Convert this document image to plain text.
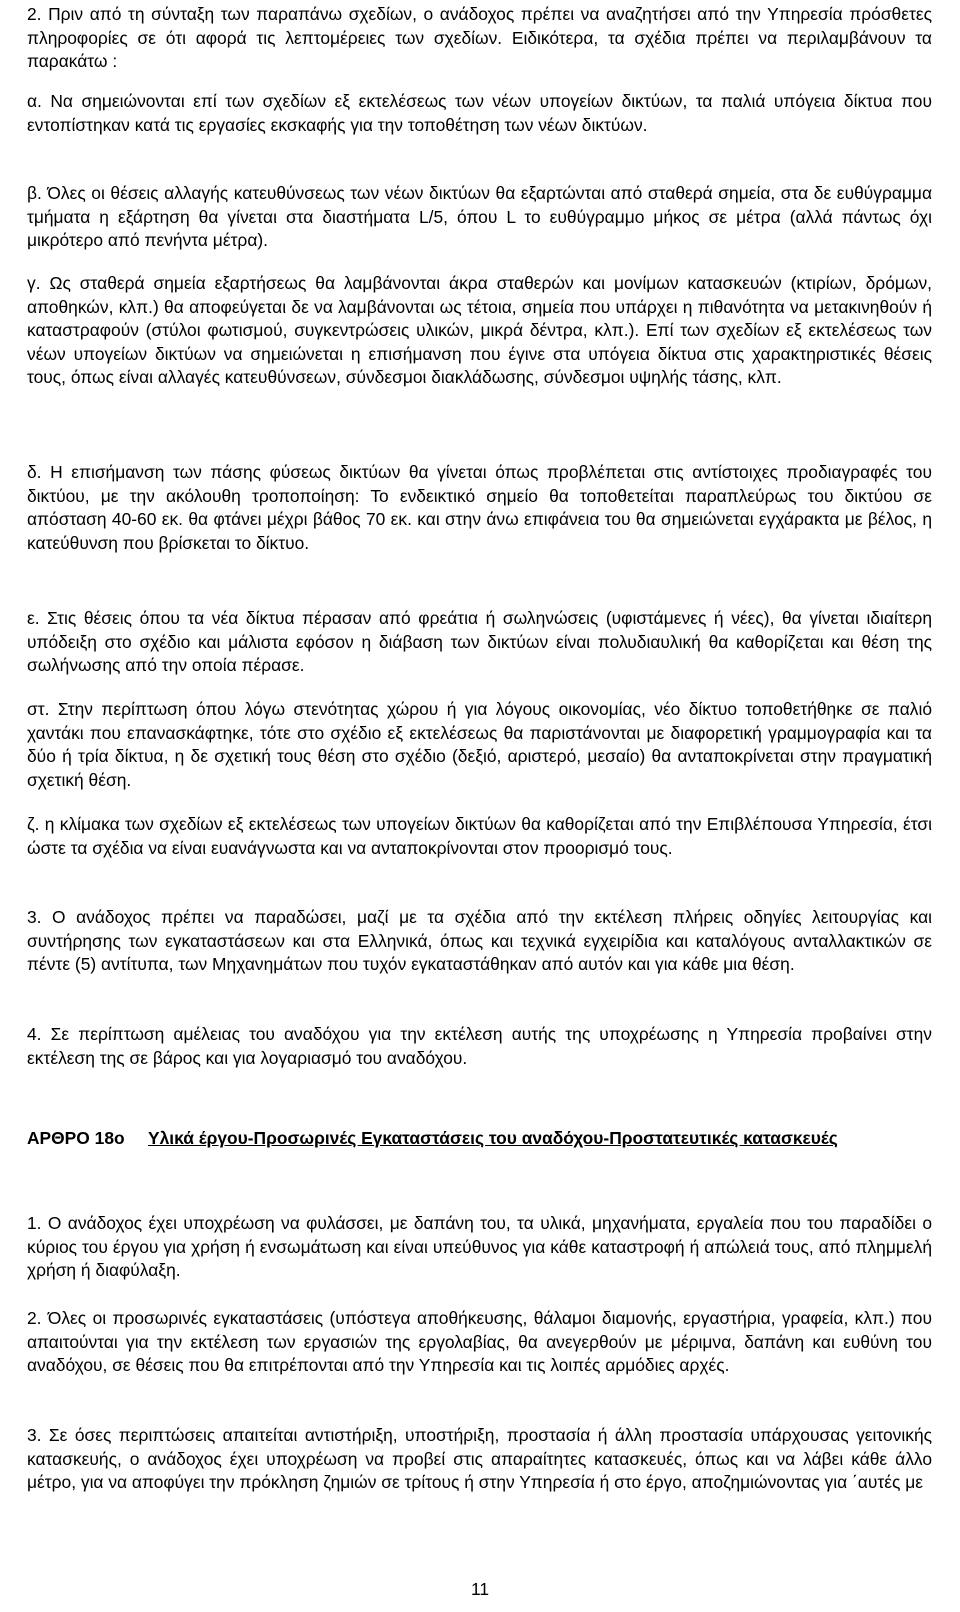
2. Πριν από τη σύνταξη των παραπάνω σχεδίων, ο ανάδοχος πρέπει να αναζητήσει από την Υπηρεσία πρόσθετες πληροφορίες σε ότι αφορά τις λεπτομέρειες των σχεδίων. Ειδικότερα, τα σχέδια πρέπει να περιλαμβάνουν τα παρακάτω :

α. Να σημειώνονται επί των σχεδίων εξ εκτελέσεως των νέων υπογείων δικτύων, τα παλιά υπόγεια δίκτυα που εντοπίστηκαν κατά τις εργασίες εκσκαφής για την τοποθέτηση των νέων δικτύων.

β. Όλες οι θέσεις αλλαγής κατευθύνσεως των νέων δικτύων θα εξαρτώνται από σταθερά σημεία, στα δε ευθύγραμμα τμήματα η εξάρτηση θα γίνεται στα διαστήματα L/5, όπου L το ευθύγραμμο μήκος σε μέτρα (αλλά πάντως όχι μικρότερο από πενήντα μέτρα).

γ. Ως σταθερά σημεία εξαρτήσεως θα λαμβάνονται άκρα σταθερών και μονίμων κατασκευών (κτιρίων, δρόμων, αποθηκών, κλπ.) θα αποφεύγεται δε να λαμβάνονται ως τέτοια, σημεία που υπάρχει η πιθανότητα να μετακινηθούν ή καταστραφούν (στύλοι φωτισμού, συγκεντρώσεις υλικών, μικρά δέντρα, κλπ.). Επί των σχεδίων εξ εκτελέσεως των νέων υπογείων δικτύων να σημειώνεται η επισήμανση που έγινε στα υπόγεια δίκτυα στις χαρακτηριστικές θέσεις τους, όπως είναι αλλαγές κατευθύνσεων, σύνδεσμοι διακλάδωσης, σύνδεσμοι υψηλής τάσης, κλπ.

δ. Η επισήμανση των πάσης φύσεως δικτύων θα γίνεται όπως προβλέπεται στις αντίστοιχες προδιαγραφές του δικτύου, με την ακόλουθη τροποποίηση: Το ενδεικτικό σημείο θα τοποθετείται παραπλεύρως του δικτύου σε απόσταση 40-60 εκ. θα φτάνει μέχρι βάθος 70 εκ. και στην άνω επιφάνεια του θα σημειώνεται εγχάρακτα με βέλος, η κατεύθυνση που βρίσκεται το δίκτυο.

ε. Στις θέσεις όπου τα νέα δίκτυα πέρασαν από φρεάτια ή σωληνώσεις (υφιστάμενες ή νέες), θα γίνεται ιδιαίτερη υπόδειξη στο σχέδιο και μάλιστα εφόσον η διάβαση των δικτύων είναι πολυδιαυλική θα καθορίζεται και θέση της σωλήνωσης από την οποία πέρασε.

στ. Στην περίπτωση όπου λόγω στενότητας χώρου ή για λόγους οικονομίας, νέο δίκτυο τοποθετήθηκε σε παλιό χαντάκι που επανασκάφτηκε, τότε στο σχέδιο εξ εκτελέσεως θα παριστάνονται με διαφορετική γραμμογραφία και τα δύο ή τρία δίκτυα, η δε σχετική τους θέση στο σχέδιο (δεξιό, αριστερό, μεσαίο) θα ανταποκρίνεται στην πραγματική σχετική θέση.

ζ. η κλίμακα των σχεδίων εξ εκτελέσεως των υπογείων δικτύων θα καθορίζεται από την Επιβλέπουσα Υπηρεσία, έτσι ώστε τα σχέδια να είναι ευανάγνωστα και να ανταποκρίνονται στον προορισμό τους.

3. Ο ανάδοχος πρέπει να παραδώσει, μαζί με τα σχέδια από την εκτέλεση πλήρεις οδηγίες λειτουργίας και συντήρησης των εγκαταστάσεων και στα Ελληνικά, όπως και τεχνικά εγχειρίδια και καταλόγους ανταλλακτικών σε πέντε (5) αντίτυπα, των Μηχανημάτων που τυχόν εγκαταστάθηκαν από αυτόν και για κάθε μια θέση.

4. Σε περίπτωση αμέλειας του αναδόχου για την εκτέλεση αυτής της υποχρέωσης η Υπηρεσία προβαίνει στην εκτέλεση της σε βάρος και για λογαριασμό του αναδόχου.

ΑΡΘΡΟ 18ο Υλικά έργου-Προσωρινές Εγκαταστάσεις του αναδόχου-Προστατευτικές κατασκευές

1. Ο ανάδοχος έχει υποχρέωση να φυλάσσει, με δαπάνη του, τα υλικά, μηχανήματα, εργαλεία που του παραδίδει ο κύριος του έργου για χρήση ή ενσωμάτωση και είναι υπεύθυνος για κάθε καταστροφή ή απώλειά τους, από πλημμελή χρήση ή διαφύλαξη.

2. Όλες οι προσωρινές εγκαταστάσεις (υπόστεγα αποθήκευσης, θάλαμοι διαμονής, εργαστήρια, γραφεία, κλπ.) που απαιτούνται για την εκτέλεση των εργασιών της εργολαβίας, θα ανεγερθούν με μέριμνα, δαπάνη και ευθύνη του αναδόχου, σε θέσεις που θα επιτρέπονται από την Υπηρεσία και τις λοιπές αρμόδιες αρχές.

3. Σε όσες περιπτώσεις απαιτείται αντιστήριξη, υποστήριξη, προστασία ή άλλη προστασία υπάρχουσας γειτονικής κατασκευής, ο ανάδοχος έχει υποχρέωση να προβεί στις απαραίτητες κατασκευές, όπως και να λάβει κάθε άλλο μέτρο, για να αποφύγει την πρόκληση ζημιών σε τρίτους ή στην Υπηρεσία ή στο έργο, αποζημιώνοντας για ΄αυτές με

11
